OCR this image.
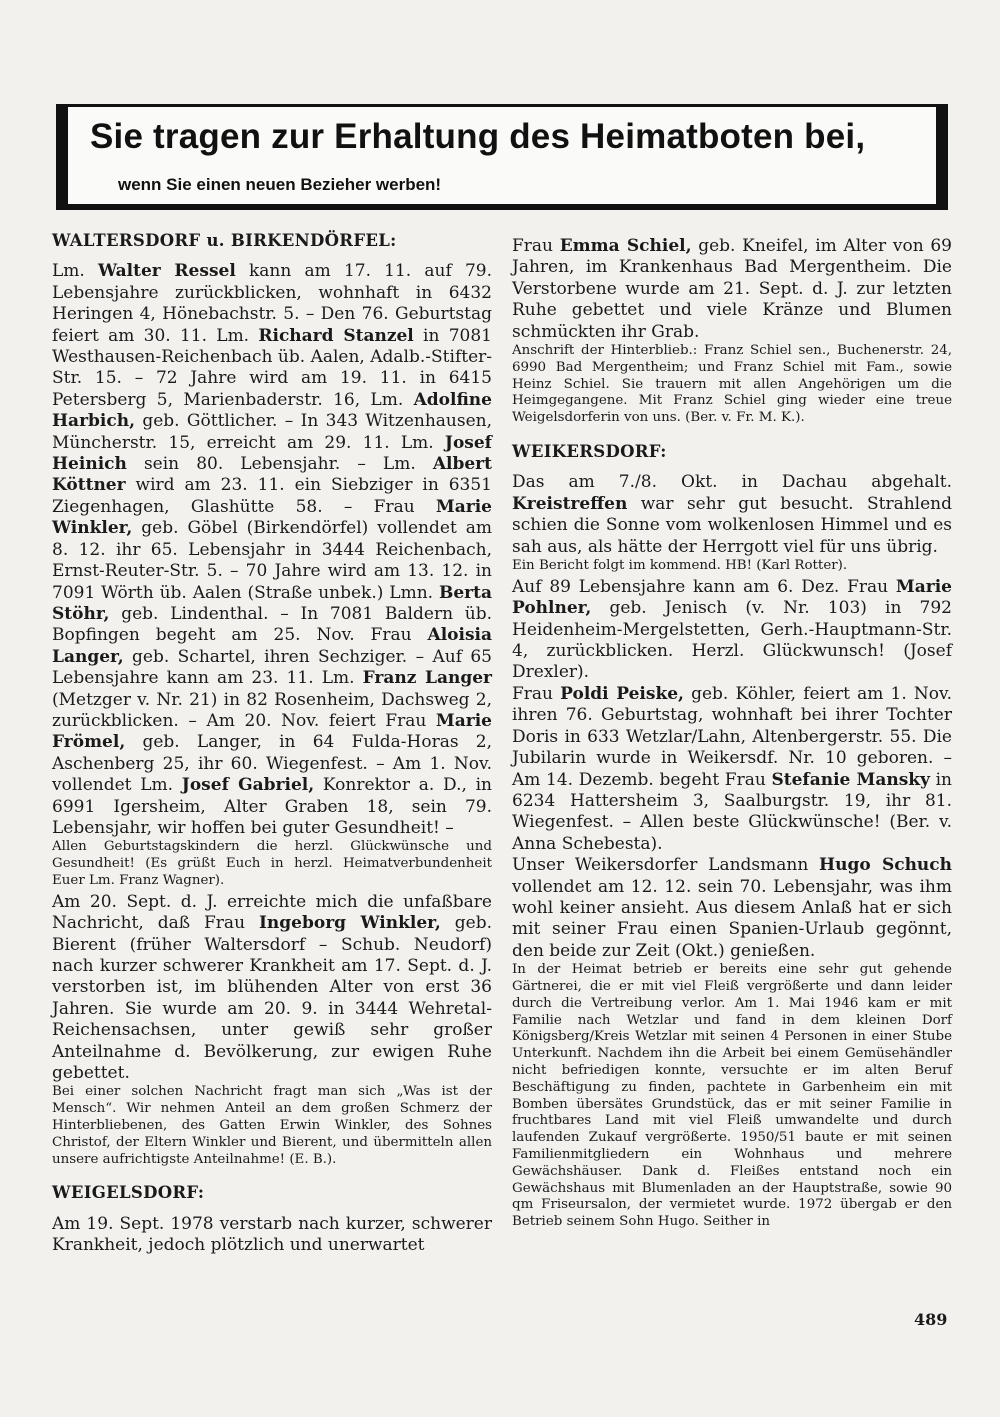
Sie tragen zur Erhaltung des Heimatboten bei,
wenn Sie einen neuen Bezieher werben!
WALTERSDORF u. BIRKENDÖRFEL:

Lm. Walter Ressel kann am 17. 11. auf 79. Lebensjahre zurückblicken, wohnhaft in 6432 Heringen 4, Hönebachstr. 5. – Den 76. Geburtstag feiert am 30. 11. Lm. Richard Stanzel in 7081 Westhausen-Reichenbach üb. Aalen, Adalb.-Stifter-Str. 15. – 72 Jahre wird am 19. 11. in 6415 Petersberg 5, Marienbaderstr. 16, Lm. Adolfine Harbich, geb. Göttlicher. – In 343 Witzenhausen, Müncherstr. 15, erreicht am 29. 11. Lm. Josef Heinich sein 80. Lebensjahr. – Lm. Albert Köttner wird am 23. 11. ein Siebziger in 6351 Ziegenhagen, Glashütte 58. – Frau Marie Winkler, geb. Göbel (Birkendörfel) vollendet am 8. 12. ihr 65. Lebensjahr in 3444 Reichenbach, Ernst-Reuter-Str. 5. – 70 Jahre wird am 13. 12. in 7091 Wörth üb. Aalen (Straße unbek.) Lmn. Berta Stöhr, geb. Lindenthal. – In 7081 Baldern üb. Bopfingen begeht am 25. Nov. Frau Aloisia Langer, geb. Schartel, ihren Sechziger. – Auf 65 Lebensjahre kann am 23. 11. Lm. Franz Langer (Metzger v. Nr. 21) in 82 Rosenheim, Dachsweg 2, zurückblicken. – Am 20. Nov. feiert Frau Marie Frömel, geb. Langer, in 64 Fulda-Horas 2, Aschenberg 25, ihr 60. Wiegenfest. – Am 1. Nov. vollendet Lm. Josef Gabriel, Konrektor a. D., in 6991 Igersheim, Alter Graben 18, sein 79. Lebensjahr, wir hoffen bei guter Gesundheit! –

Allen Geburtstagskindern die herzl. Glückwünsche und Gesundheit! (Es grüßt Euch in herzl. Heimatverbundenheit Euer Lm. Franz Wagner).

Am 20. Sept. d. J. erreichte mich die unfaßbare Nachricht, daß Frau Ingeborg Winkler, geb. Bierent (früher Waltersdorf – Schub. Neudorf) nach kurzer schwerer Krankheit am 17. Sept. d. J. verstorben ist, im blühenden Alter von erst 36 Jahren. Sie wurde am 20. 9. in 3444 Wehretal-Reichensachsen, unter gewiß sehr großer Anteilnahme d. Bevölkerung, zur ewigen Ruhe gebettet.

Bei einer solchen Nachricht fragt man sich „Was ist der Mensch“. Wir nehmen Anteil an dem großen Schmerz der Hinterbliebenen, des Gatten Erwin Winkler, des Sohnes Christof, der Eltern Winkler und Bierent, und übermitteln allen unsere aufrichtigste Anteilnahme! (E. B.).

WEIGELSDORF:

Am 19. Sept. 1978 verstarb nach kurzer, schwerer Krankheit, jedoch plötzlich und unerwartet

Frau Emma Schiel, geb. Kneifel, im Alter von 69 Jahren, im Krankenhaus Bad Mergentheim. Die Verstorbene wurde am 21. Sept. d. J. zur letzten Ruhe gebettet und viele Kränze und Blumen schmückten ihr Grab.

Anschrift der Hinterblieb.: Franz Schiel sen., Buchenerstr. 24, 6990 Bad Mergentheim; und Franz Schiel mit Fam., sowie Heinz Schiel. Sie trauern mit allen Angehörigen um die Heimgegangene. Mit Franz Schiel ging wieder eine treue Weigelsdorferin von uns. (Ber. v. Fr. M. K.).

WEIKERSDORF:

Das am 7./8. Okt. in Dachau abgehalt. Kreistreffen war sehr gut besucht. Strahlend schien die Sonne vom wolkenlosen Himmel und es sah aus, als hätte der Herrgott viel für uns übrig.

Ein Bericht folgt im kommend. HB! (Karl Rotter).

Auf 89 Lebensjahre kann am 6. Dez. Frau Marie Pohlner, geb. Jenisch (v. Nr. 103) in 792 Heidenheim-Mergelstetten, Gerh.-Hauptmann-Str. 4, zurückblicken. Herzl. Glückwunsch! (Josef Drexler).

Frau Poldi Peiske, geb. Köhler, feiert am 1. Nov. ihren 76. Geburtstag, wohnhaft bei ihrer Tochter Doris in 633 Wetzlar/Lahn, Altenbergerstr. 55. Die Jubilarin wurde in Weikersdf. Nr. 10 geboren. – Am 14. Dezemb. begeht Frau Stefanie Mansky in 6234 Hattersheim 3, Saalburgstr. 19, ihr 81. Wiegenfest. – Allen beste Glückwünsche! (Ber. v. Anna Schebesta).

Unser Weikersdorfer Landsmann Hugo Schuch vollendet am 12. 12. sein 70. Lebensjahr, was ihm wohl keiner ansieht. Aus diesem Anlaß hat er sich mit seiner Frau einen Spanien-Urlaub gegönnt, den beide zur Zeit (Okt.) genießen.

In der Heimat betrieb er bereits eine sehr gut gehende Gärtnerei, die er mit viel Fleiß vergrößerte und dann leider durch die Vertreibung verlor. Am 1. Mai 1946 kam er mit Familie nach Wetzlar und fand in dem kleinen Dorf Königsberg/Kreis Wetzlar mit seinen 4 Personen in einer Stube Unterkunft. Nachdem ihn die Arbeit bei einem Gemüsehändler nicht befriedigen konnte, versuchte er im alten Beruf Beschäftigung zu finden, pachtete in Garbenheim ein mit Bomben übersätes Grundstück, das er mit seiner Familie in fruchtbares Land mit viel Fleiß umwandelte und durch laufenden Zukauf vergrößerte. 1950/51 baute er mit seinen Familienmitgliedern ein Wohnhaus und mehrere Gewächshäuser. Dank d. Fleißes entstand noch ein Gewächshaus mit Blumenladen an der Hauptstraße, sowie 90 qm Friseursalon, der vermietet wurde. 1972 übergab er den Betrieb seinem Sohn Hugo. Seither in

489
